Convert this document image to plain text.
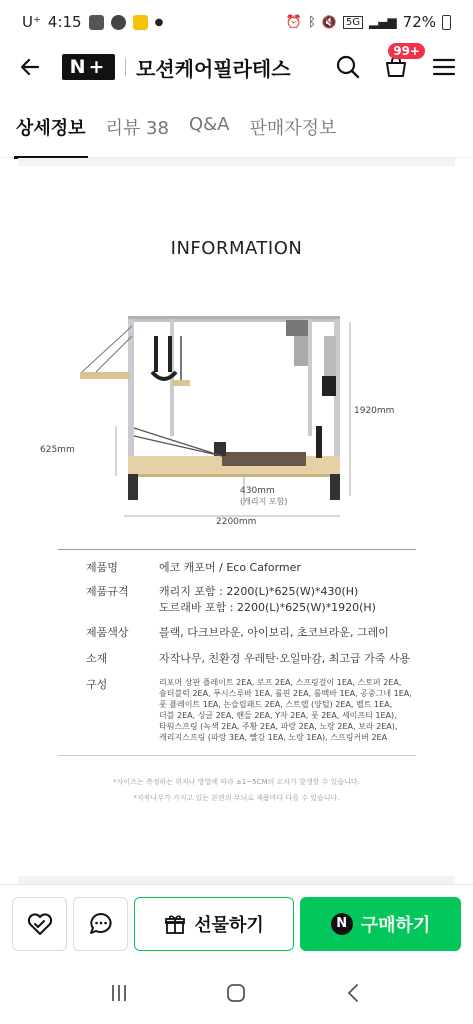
U⁺ 4:15	●	⏰ ᛒ 🔇 5G ▂▄▆ 72%
N+	모션케어필라테스
99+
상세정보 리뷰 38 Q&A 판매자정보
INFORMATION
1920mm
625mm
430mm
(캐리지 포함)
2200mm
제품명	에코 캐포머 / Eco Caformer
제품규격	캐리지 포함 : 2200(L)*625(W)*430(H)
도르래바 포함 : 2200(L)*625(W)*1920(H)
제품색상	블랙, 다크브라운, 아이보리, 초코브라운, 그레이
소재	자작나무, 친환경 우레탄·오일마감, 최고급 가죽 사용
구성	리포머 상판 플레이트 2EA, 로프 2EA, 스프링걸이 1EA, 스토퍼 2EA,
숄더블럭 2EA, 푸시스루바 1EA, 롤핀 2EA, 롤백바 1EA, 공중그네 1EA,
풋 플레이트 1EA, 논슬립패드 2EA, 스트랩 (양털) 2EA, 벨트 1EA,
더블 2EA, 싱글 2EA, 핸들 2EA, Y자 2EA, 풋 2EA, 세이프티 1EA),
타워스프링 (녹색 2EA, 주황 2EA, 파랑 2EA, 노랑 2EA, 보라 2EA),
캐리지스프링 (파랑 3EA, 빨강 1EA, 노랑 1EA), 스프링커버 2EA
*사이즈는 측정하는 위치나 방법에 따라 ±1~5CM의 오차가 발생할 수 있습니다.
*자작나무가 가지고 있는 본연의 무늬로 제품마다 다를 수 있습니다.
선물하기	N 구매하기
